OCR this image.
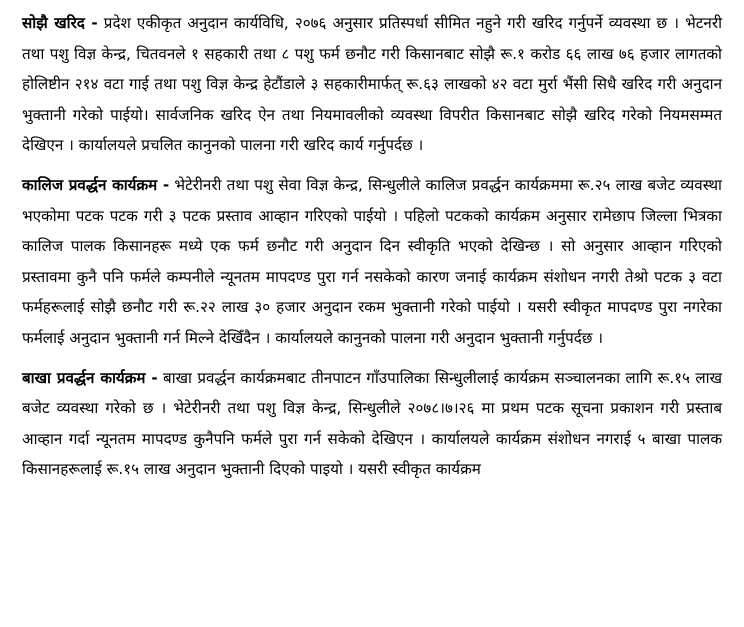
सोझै खरिद - प्रदेश एकीकृत अनुदान कार्यविधि, २०७६ अनुसार प्रतिस्पर्धा सीमित नहुने गरी खरिद गर्नुपर्ने व्यवस्था छ । भेटनरी तथा पशु विज्ञ केन्द्र, चितवनले १ सहकारी तथा ८ पशु फर्म छनौट गरी किसानबाट सोझै रू.१ करोड ६६ लाख ७६ हजार लागतको होलिष्टीन २१४ वटा गाई तथा पशु विज्ञ केन्द्र हेटौंडाले ३ सहकारीमार्फत् रू.६३ लाखको ४२ वटा मुर्रा भैंसी सिधै खरिद गरी अनुदान भुक्तानी गरेको पाईयो। सार्वजनिक खरिद ऐन तथा नियमावलीको व्यवस्था विपरीत किसानबाट सोझै खरिद गरेको नियमसम्मत देखिएन । कार्यालयले प्रचलित कानुनको पालना गरी खरिद कार्य गर्नुपर्दछ ।

कालिज प्रवर्द्धन कार्यक्रम - भेटेरीनरी तथा पशु सेवा विज्ञ केन्द्र, सिन्धुलीले कालिज प्रवर्द्धन कार्यक्रममा रू.२५ लाख बजेट व्यवस्था भएकोमा पटक पटक गरी ३ पटक प्रस्ताव आव्हान गरिएको पाईयो । पहिलो पटकको कार्यक्रम अनुसार रामेछाप जिल्ला भित्रका कालिज पालक किसानहरू मध्ये एक फर्म छनौट गरी अनुदान दिन स्वीकृति भएको देखिन्छ । सो अनुसार आव्हान गरिएको प्रस्तावमा कुनै पनि फर्मले कम्पनीले न्यूनतम मापदण्ड पुरा गर्न नसकेको कारण जनाई कार्यक्रम संशोधन नगरी तेश्रो पटक ३ वटा फर्महरूलाई सोझै छनौट गरी रू.२२ लाख ३० हजार अनुदान रकम भुक्तानी गरेको पाईयो । यसरी स्वीकृत मापदण्ड पुरा नगरेका फर्मलाई अनुदान भुक्तानी गर्न मिल्ने देखिँदैन । कार्यालयले कानुनको पालना गरी अनुदान भुक्तानी गर्नुपर्दछ ।

बाखा प्रवर्द्धन कार्यक्रम - बाखा प्रवर्द्धन कार्यक्रमबाट तीनपाटन गाँउपालिका सिन्धुलीलाई कार्यक्रम सञ्चालनका लागि रू.१५ लाख बजेट व्यवस्था गरेको छ । भेटेरीनरी तथा पशु विज्ञ केन्द्र, सिन्धुलीले २०७८।७।२६ मा प्रथम पटक सूचना प्रकाशन गरी प्रस्ताब आव्हान गर्दा न्यूनतम मापदण्ड कुनैपनि फर्मले पुरा गर्न सकेको देखिएन । कार्यालयले कार्यक्रम संशोधन नगराई ५ बाखा पालक किसानहरूलाई रू.१५ लाख अनुदान भुक्तानी दिएको पाइयो । यसरी स्वीकृत कार्यक्रम
